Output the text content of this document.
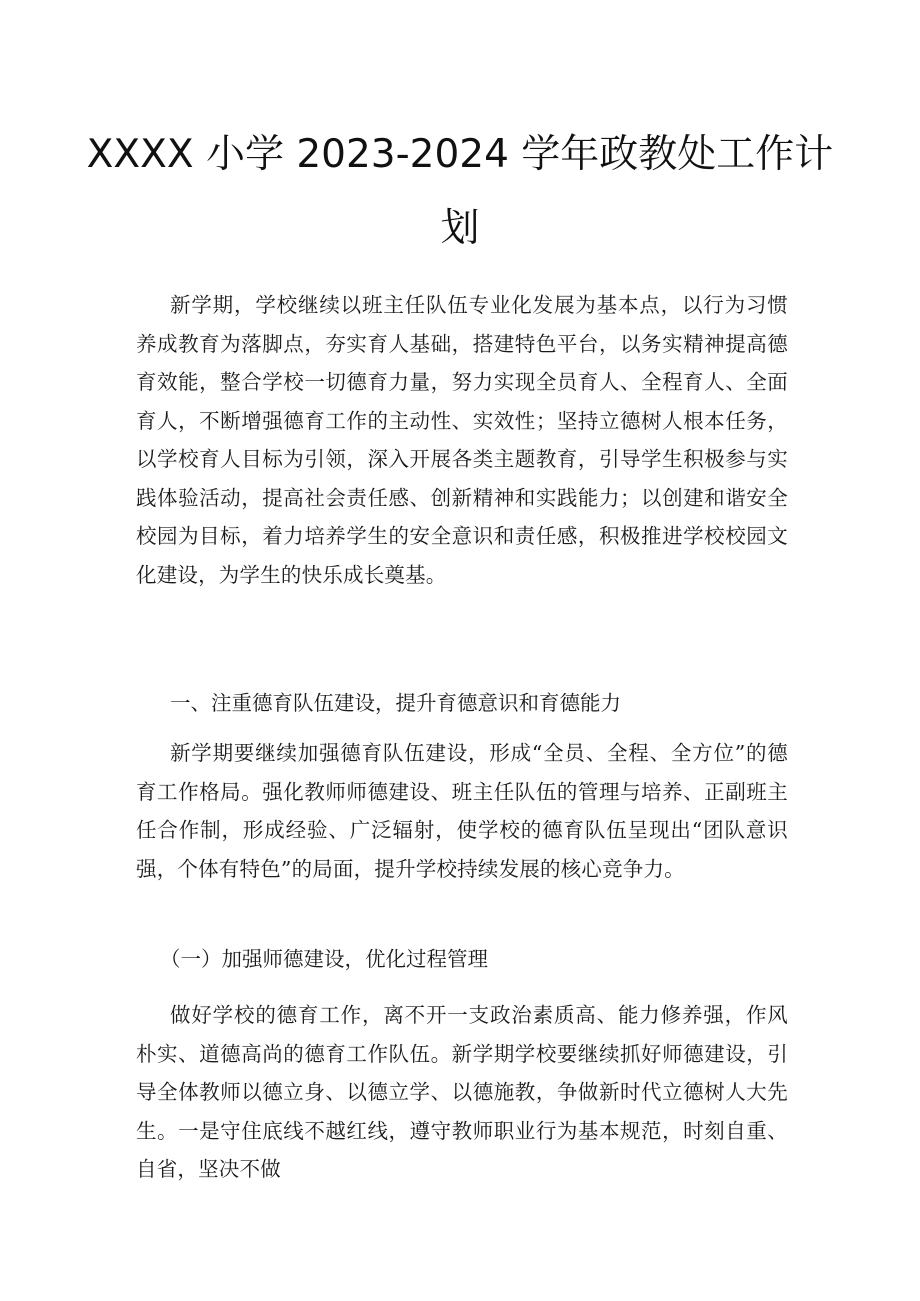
XXXX 小学 2023-2024 学年政教处工作计
划

新学期，学校继续以班主任队伍专业化发展为基本点，以行为习惯养成教育为落脚点，夯实育人基础，搭建特色平台，以务实精神提高德育效能，整合学校一切德育力量，努力实现全员育人、全程育人、全面育人，不断增强德育工作的主动性、实效性；坚持立德树人根本任务，以学校育人目标为引领，深入开展各类主题教育，引导学生积极参与实践体验活动，提高社会责任感、创新精神和实践能力；以创建和谐安全校园为目标，着力培养学生的安全意识和责任感，积极推进学校校园文化建设，为学生的快乐成长奠基。

一、注重德育队伍建设，提升育德意识和育德能力

新学期要继续加强德育队伍建设，形成“全员、全程、全方位”的德育工作格局。强化教师师德建设、班主任队伍的管理与培养、正副班主任合作制，形成经验、广泛辐射，使学校的德育队伍呈现出“团队意识强，个体有特色”的局面，提升学校持续发展的核心竞争力。

（一）加强师德建设，优化过程管理

做好学校的德育工作，离不开一支政治素质高、能力修养强，作风朴实、道德高尚的德育工作队伍。新学期学校要继续抓好师德建设，引导全体教师以德立身、以德立学、以德施教，争做新时代立德树人大先生。一是守住底线不越红线，遵守教师职业行为基本规范，时刻自重、自省，坚决不做
